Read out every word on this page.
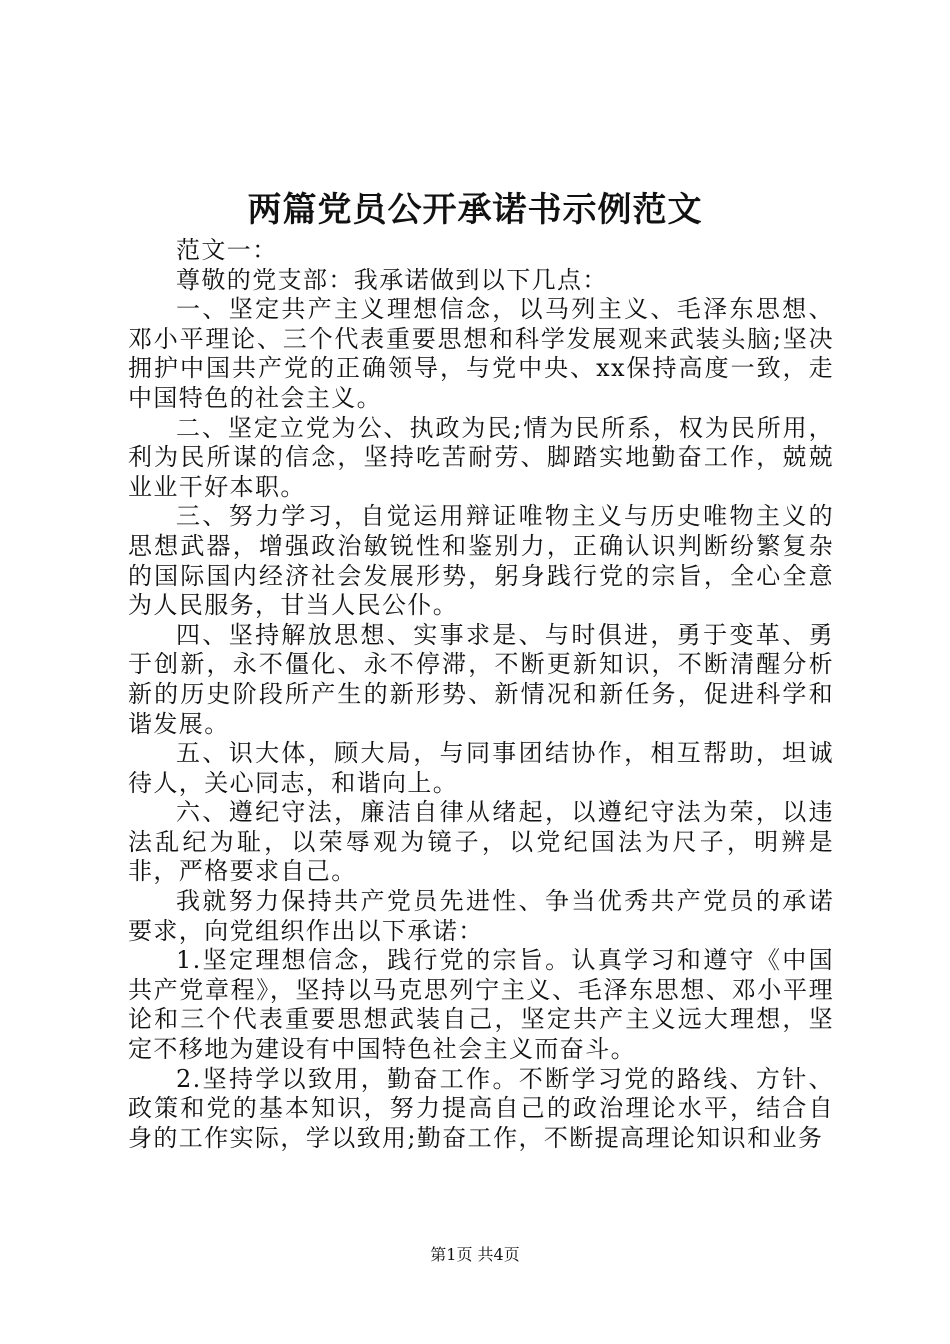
两篇党员公开承诺书示例范文

范文一：

尊敬的党支部：我承诺做到以下几点：

一、坚定共产主义理想信念，以马列主义、毛泽东思想、邓小平理论、三个代表重要思想和科学发展观来武装头脑;坚决拥护中国共产党的正确领导，与党中央、xx保持高度一致，走中国特色的社会主义。

二、坚定立党为公、执政为民;情为民所系，权为民所用，利为民所谋的信念，坚持吃苦耐劳、脚踏实地勤奋工作，兢兢业业干好本职。

三、努力学习，自觉运用辩证唯物主义与历史唯物主义的思想武器，增强政治敏锐性和鉴别力，正确认识判断纷繁复杂的国际国内经济社会发展形势，躬身践行党的宗旨，全心全意为人民服务，甘当人民公仆。

四、坚持解放思想、实事求是、与时俱进，勇于变革、勇于创新，永不僵化、永不停滞，不断更新知识，不断清醒分析新的历史阶段所产生的新形势、新情况和新任务，促进科学和谐发展。

五、识大体，顾大局，与同事团结协作，相互帮助，坦诚待人，关心同志，和谐向上。

六、遵纪守法，廉洁自律从绪起，以遵纪守法为荣，以违法乱纪为耻，以荣辱观为镜子，以党纪国法为尺子，明辨是非，严格要求自己。

我就努力保持共产党员先进性、争当优秀共产党员的承诺要求，向党组织作出以下承诺：

1.坚定理想信念，践行党的宗旨。认真学习和遵守《中国共产党章程》，坚持以马克思列宁主义、毛泽东思想、邓小平理论和三个代表重要思想武装自己，坚定共产主义远大理想，坚定不移地为建设有中国特色社会主义而奋斗。

2.坚持学以致用，勤奋工作。不断学习党的路线、方针、政策和党的基本知识，努力提高自己的政治理论水平，结合自身的工作实际，学以致用;勤奋工作，不断提高理论知识和业务

第1页 共4页
